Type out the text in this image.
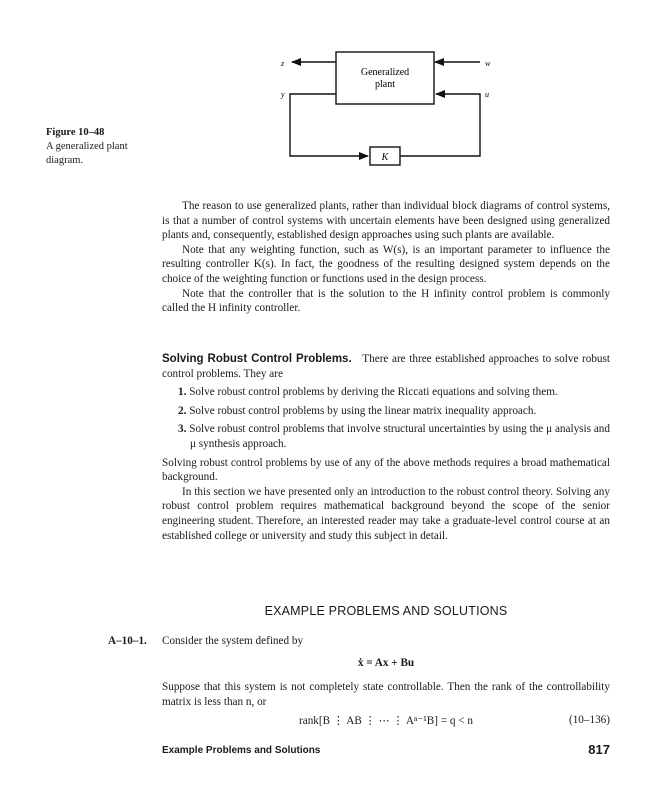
Generalized
plant
z	w
y
K
u
Figure 10–48
A generalized plant diagram.

The reason to use generalized plants, rather than individual block diagrams of control systems, is that a number of control systems with uncertain elements have been designed using generalized plants and, consequently, established design approaches using such plants are available.

Note that any weighting function, such as W(s), is an important parameter to influence the resulting controller K(s). In fact, the goodness of the resulting designed system depends on the choice of the weighting function or functions used in the design process.

Note that the controller that is the solution to the H infinity control problem is commonly called the H infinity controller.

Solving Robust Control Problems. There are three established approaches to solve robust control problems. They are

1. Solve robust control problems by deriving the Riccati equations and solving them.
2. Solve robust control problems by using the linear matrix inequality approach.
3. Solve robust control problems that involve structural uncertainties by using the μ analysis and μ synthesis approach.

Solving robust control problems by use of any of the above methods requires a broad mathematical background.

In this section we have presented only an introduction to the robust control theory. Solving any robust control problem requires mathematical background beyond the scope of the senior engineering student. Therefore, an interested reader may take a graduate-level control course at an established college or university and study this subject in detail.

EXAMPLE PROBLEMS AND SOLUTIONS
A–10–1. Consider the system defined by
ẋ = Ax + Bu
Suppose that this system is not completely state controllable. Then the rank of the controllability matrix is less than n, or
rank[B ⋮ AB ⋮ ⋯ ⋮ Aⁿ⁻¹B] = q < n	(10–136)
Example Problems and Solutions	817
